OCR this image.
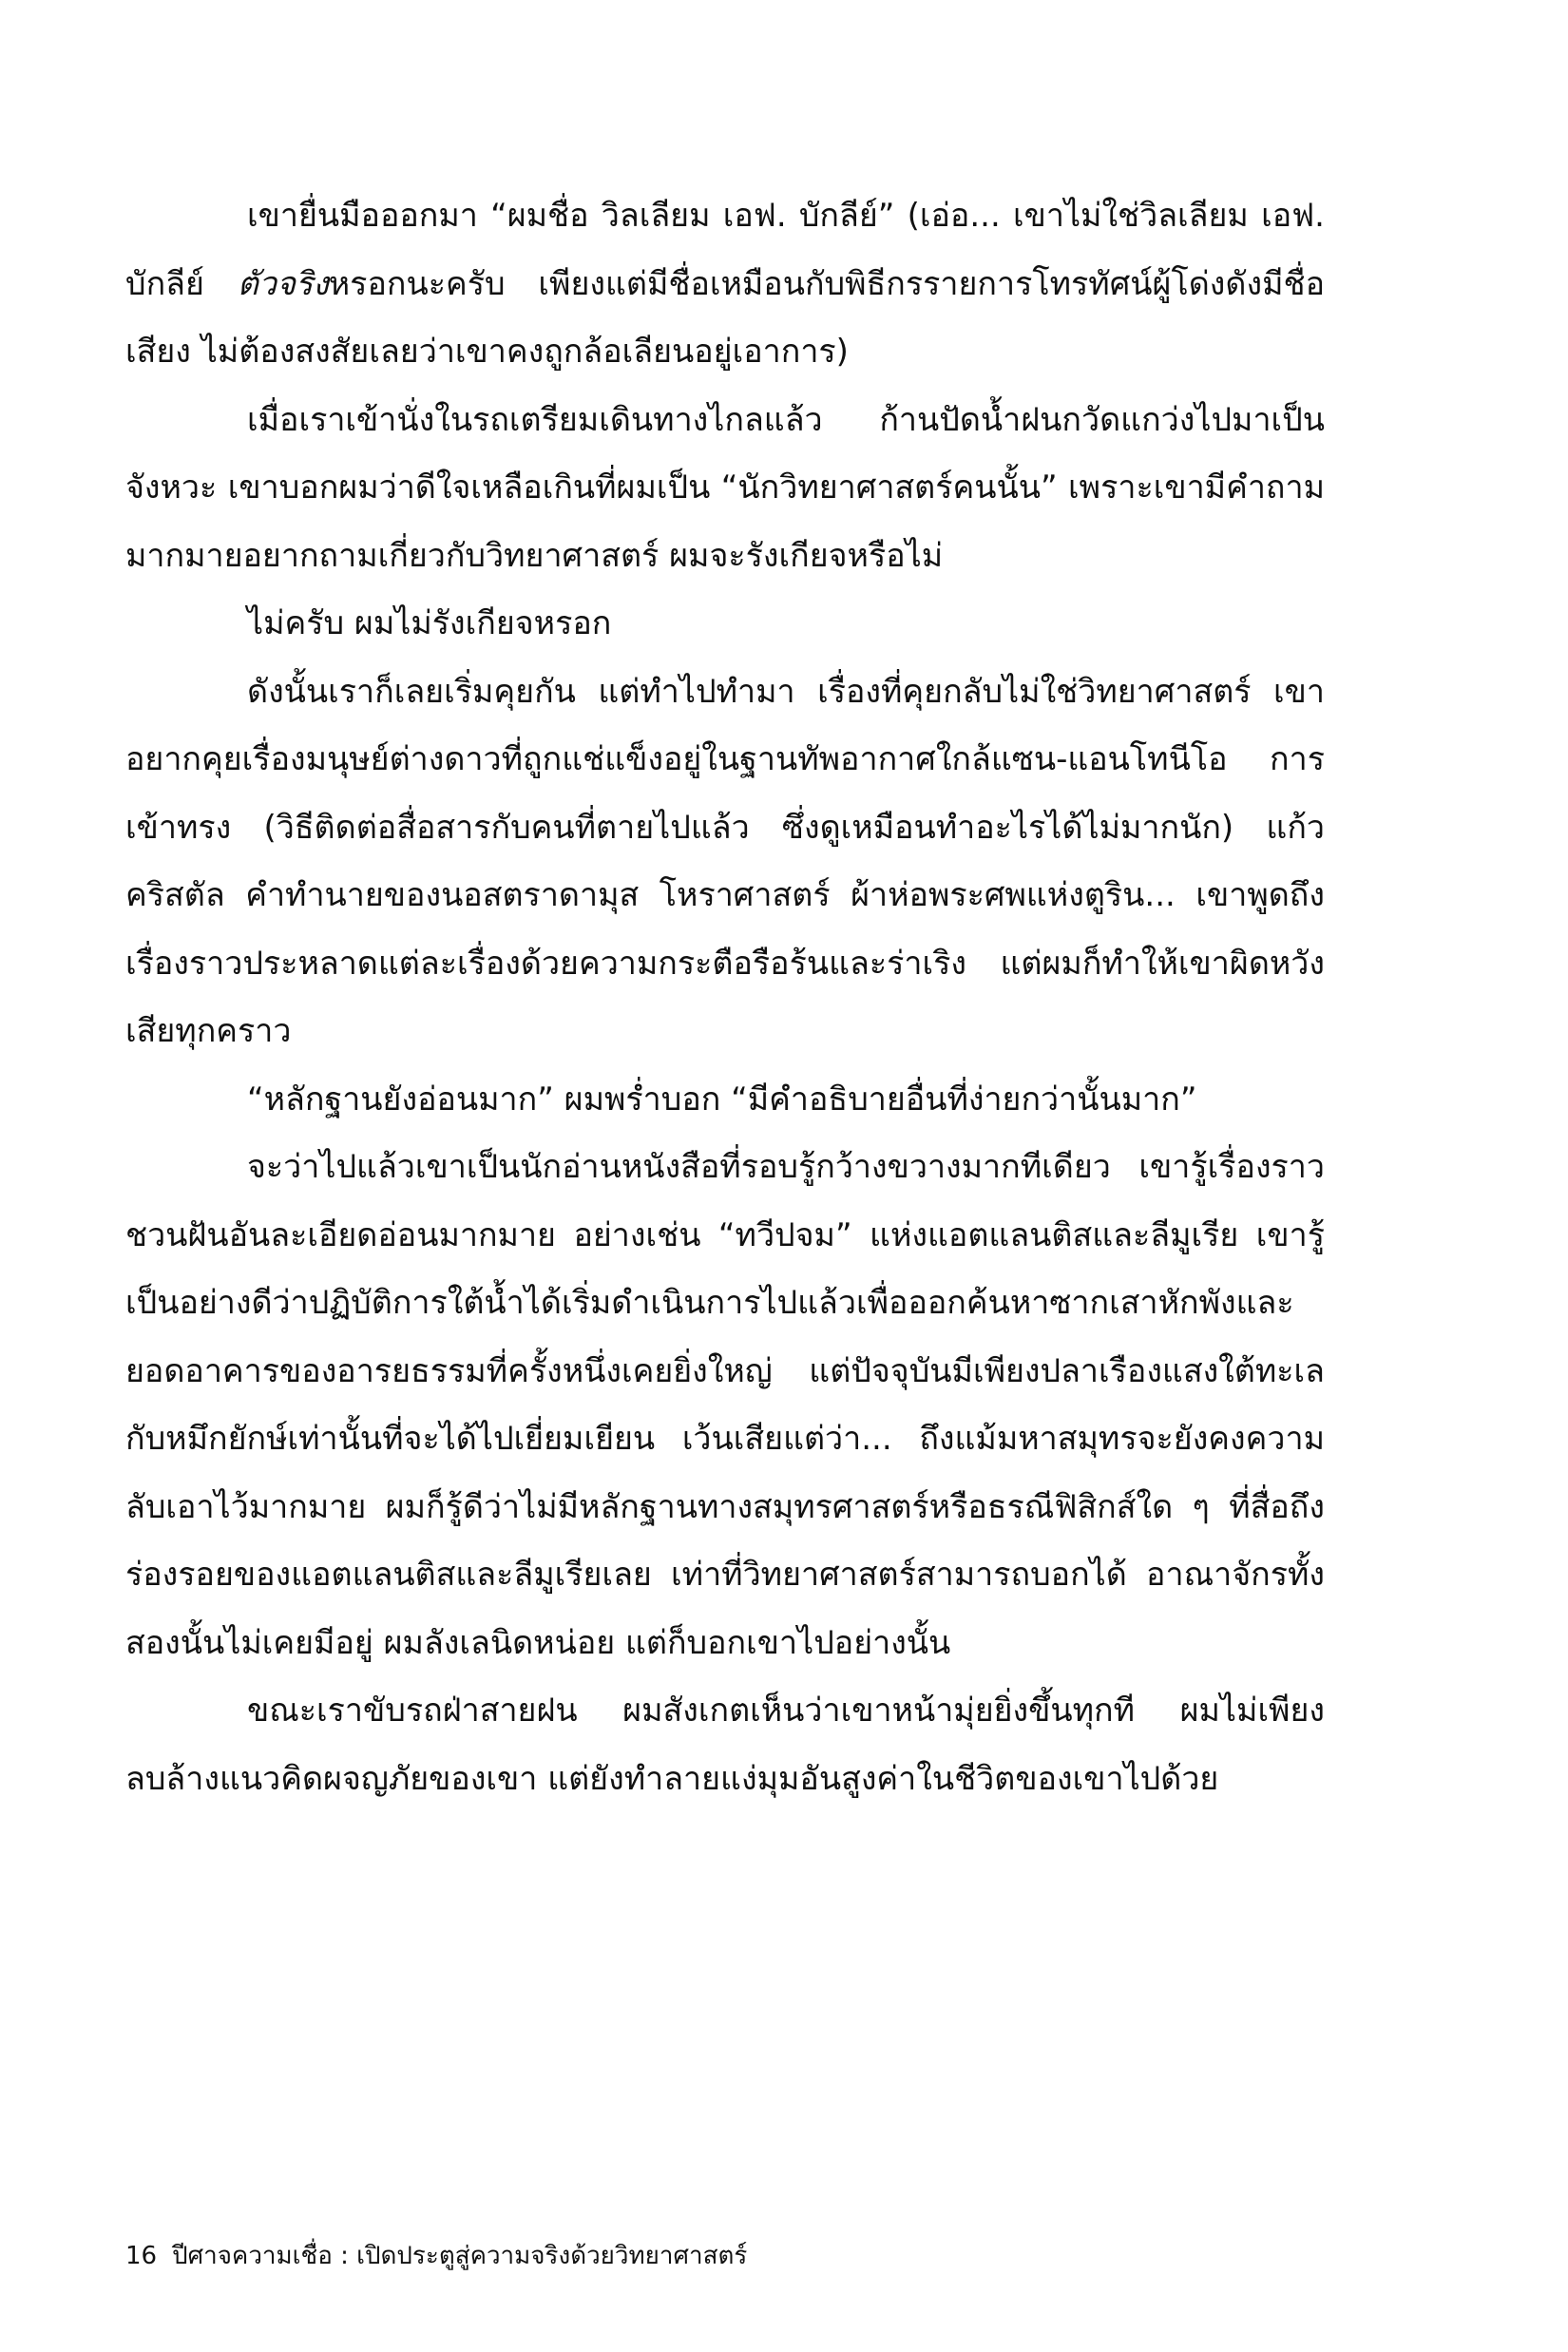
เขายื่นมือออกมา “ผมชื่อ วิลเลียม เอฟ. บักลีย์” (เอ่อ... เขาไม่ใช่วิลเลียม เอฟ. บักลีย์ ตัวจริงหรอกนะครับ เพียงแต่มีชื่อเหมือนกับพิธีกรรายการโทรทัศน์ผู้โด่งดังมีชื่อเสียง ไม่ต้องสงสัยเลยว่าเขาคงถูกล้อเลียนอยู่เอาการ)

เมื่อเราเข้านั่งในรถเตรียมเดินทางไกลแล้ว ก้านปัดน้ำฝนกวัดแกว่งไปมาเป็นจังหวะ เขาบอกผมว่าดีใจเหลือเกินที่ผมเป็น “นักวิทยาศาสตร์คนนั้น” เพราะเขามีคำถามมากมายอยากถามเกี่ยวกับวิทยาศาสตร์ ผมจะรังเกียจหรือไม่

ไม่ครับ ผมไม่รังเกียจหรอก

ดังนั้นเราก็เลยเริ่มคุยกัน แต่ทำไปทำมา เรื่องที่คุยกลับไม่ใช่วิทยาศาสตร์ เขาอยากคุยเรื่องมนุษย์ต่างดาวที่ถูกแช่แข็งอยู่ในฐานทัพอากาศใกล้แซน-แอนโทนีโอ การเข้าทรง (วิธีติดต่อสื่อสารกับคนที่ตายไปแล้ว ซึ่งดูเหมือนทำอะไรได้ไม่มากนัก) แก้วคริสตัล คำทำนายของนอสตราดามุส โหราศาสตร์ ผ้าห่อพระศพแห่งตูริน... เขาพูดถึงเรื่องราวประหลาดแต่ละเรื่องด้วยความกระตือรือร้นและร่าเริง แต่ผมก็ทำให้เขาผิดหวังเสียทุกคราว

“หลักฐานยังอ่อนมาก” ผมพร่ำบอก “มีคำอธิบายอื่นที่ง่ายกว่านั้นมาก”

จะว่าไปแล้วเขาเป็นนักอ่านหนังสือที่รอบรู้กว้างขวางมากทีเดียว เขารู้เรื่องราวชวนฝันอันละเอียดอ่อนมากมาย อย่างเช่น “ทวีปจม” แห่งแอตแลนติสและลีมูเรีย เขารู้เป็นอย่างดีว่าปฏิบัติการใต้น้ำได้เริ่มดำเนินการไปแล้วเพื่อออกค้นหาซากเสาหักพังและยอดอาคารของอารยธรรมที่ครั้งหนึ่งเคยยิ่งใหญ่ แต่ปัจจุบันมีเพียงปลาเรืองแสงใต้ทะเลกับหมึกยักษ์เท่านั้นที่จะได้ไปเยี่ยมเยียน เว้นเสียแต่ว่า... ถึงแม้มหาสมุทรจะยังคงความลับเอาไว้มากมาย ผมก็รู้ดีว่าไม่มีหลักฐานทางสมุทรศาสตร์หรือธรณีฟิสิกส์ใด ๆ ที่สื่อถึงร่องรอยของแอตแลนติสและลีมูเรียเลย เท่าที่วิทยาศาสตร์สามารถบอกได้ อาณาจักรทั้งสองนั้นไม่เคยมีอยู่ ผมลังเลนิดหน่อย แต่ก็บอกเขาไปอย่างนั้น

ขณะเราขับรถฝ่าสายฝน ผมสังเกตเห็นว่าเขาหน้ามุ่ยยิ่งขึ้นทุกที ผมไม่เพียงลบล้างแนวคิดผจญภัยของเขา แต่ยังทำลายแง่มุมอันสูงค่าในชีวิตของเขาไปด้วย

16 ปีศาจความเชื่อ : เปิดประตูสู่ความจริงด้วยวิทยาศาสตร์
